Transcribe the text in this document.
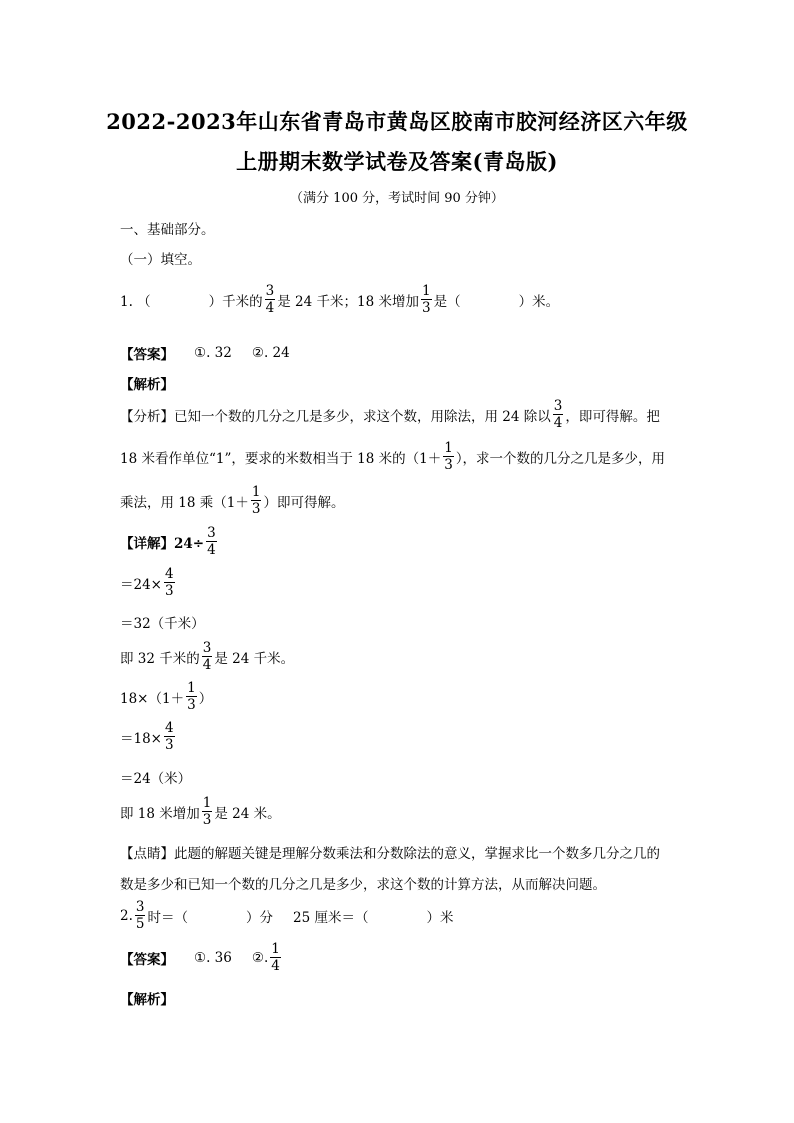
2022-2023年山东省青岛市黄岛区胶南市胶河经济区六年级
上册期末数学试卷及答案(青岛版)
（满分 100 分，考试时间 90 分钟）
一、基础部分。
（一）填空。
1. （	）千米的 $\frac{3}{4}$ 是 24 千米；18 米增加 $\frac{1}{3}$ 是（	）米。
【答案】 ①. 32 ②. 24
【解析】
【分析】已知一个数的几分之几是多少，求这个数，用除法，用 24 除以 $\frac{3}{4}$ ，即可得解。把
18 米看作单位“1”，要求的米数相当于 18 米的（$1+ \frac{1}{3}$ ），求一个数的几分之几是多少，用
乘法，用 18 乘（$1+ \frac{1}{3}$ ）即可得解。
【详解】$24\div \frac{3}{4}$
$=24\times \frac{4}{3}$
＝32（千米）
即 32 千米的 $\frac{3}{4}$ 是 24 千米。
$18\times(1+ \frac{1}{3}$ ）
$=18\times \frac{4}{3}$
＝24（米）
即 18 米增加 $\frac{1}{3}$ 是 24 米。
【点睛】此题的解题关键是理解分数乘法和分数除法的意义，掌握求比一个数多几分之几的
数是多少和已知一个数的几分之几是多少，求这个数的计算方法，从而解决问题。
2. $\frac{3}{5}$ 时＝（	）分 25 厘米＝（	）米
【答案】 ①. 36 ②. $\frac{1}{4}$
【解析】
